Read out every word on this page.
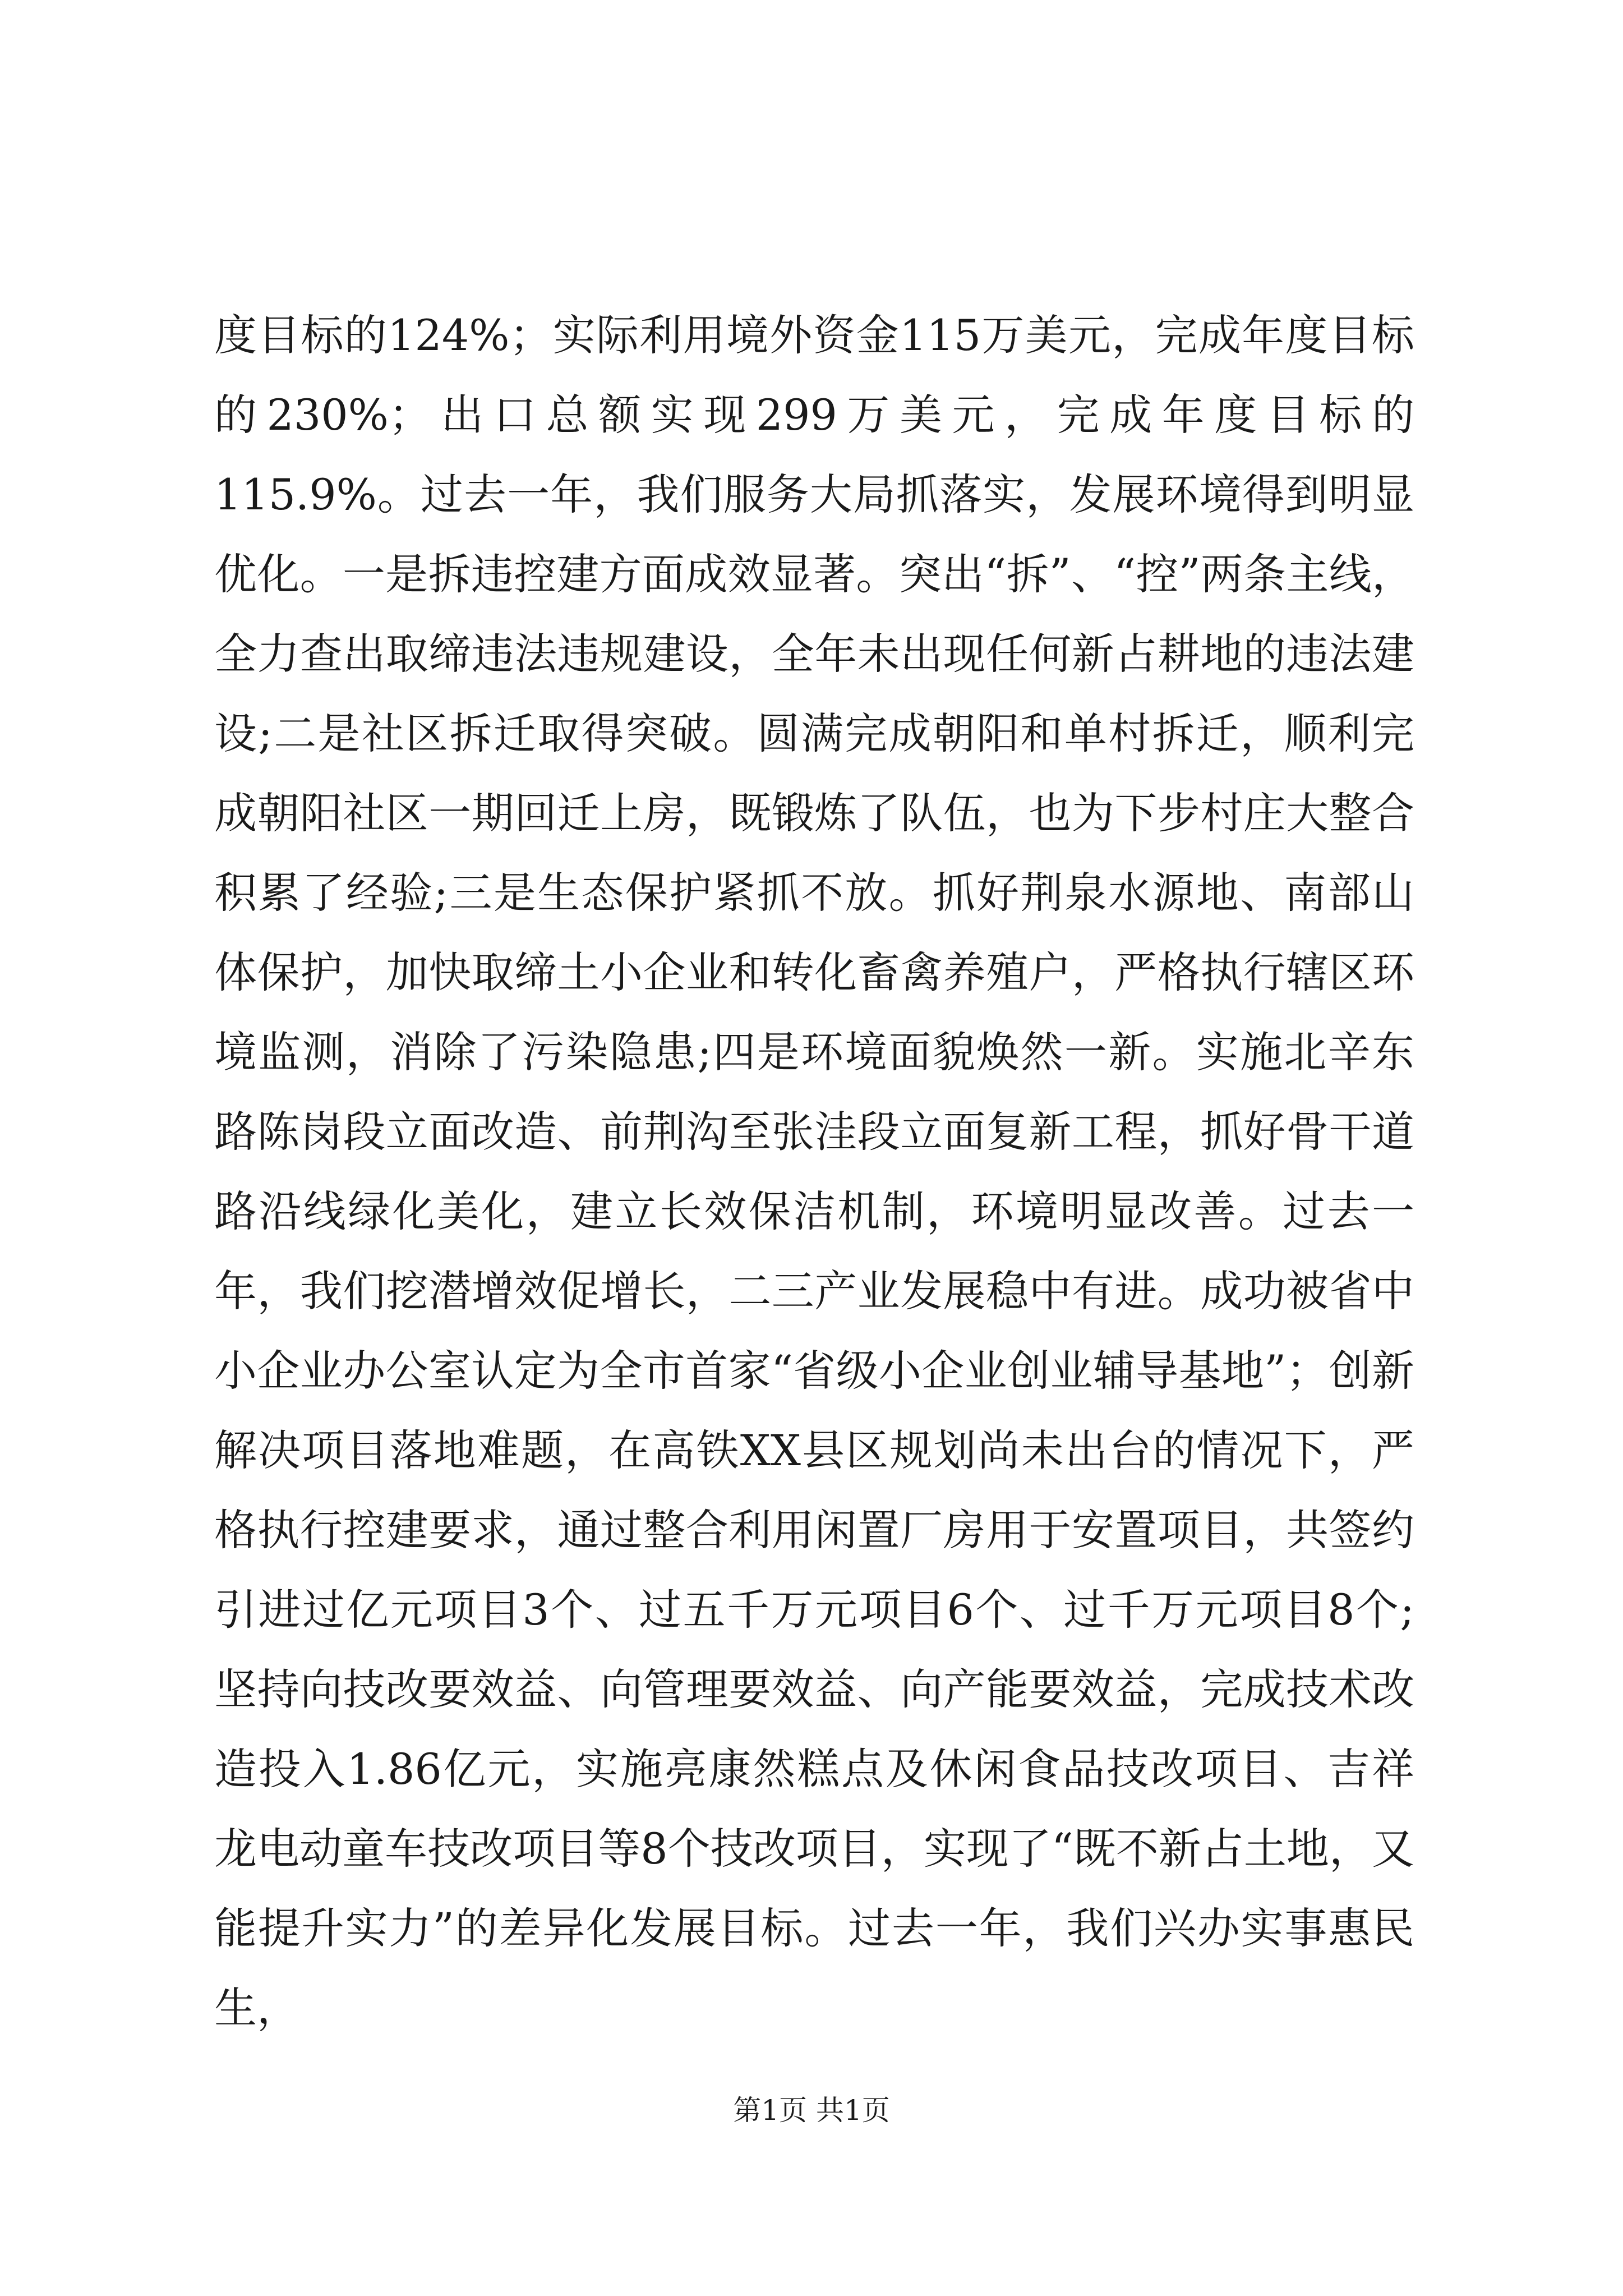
度目标的124%；实际利用境外资金115万美元，完成年度目标的230%；出口总额实现299万美元，完成年度目标的115.9%。过去一年，我们服务大局抓落实，发展环境得到明显优化。一是拆违控建方面成效显著。突出“拆”、“控”两条主线，全力查出取缔违法违规建设，全年未出现任何新占耕地的违法建设;二是社区拆迁取得突破。圆满完成朝阳和单村拆迁，顺利完成朝阳社区一期回迁上房，既锻炼了队伍，也为下步村庄大整合积累了经验;三是生态保护紧抓不放。抓好荆泉水源地、南部山体保护，加快取缔土小企业和转化畜禽养殖户，严格执行辖区环境监测，消除了污染隐患;四是环境面貌焕然一新。实施北辛东路陈岗段立面改造、前荆沟至张洼段立面复新工程，抓好骨干道路沿线绿化美化，建立长效保洁机制，环境明显改善。过去一年，我们挖潜增效促增长，二三产业发展稳中有进。成功被省中小企业办公室认定为全市首家“省级小企业创业辅导基地”；创新解决项目落地难题，在高铁XX县区规划尚未出台的情况下，严格执行控建要求，通过整合利用闲置厂房用于安置项目，共签约引进过亿元项目3个、过五千万元项目6个、过千万元项目8个;坚持向技改要效益、向管理要效益、向产能要效益，完成技术改造投入1.86亿元，实施亮康然糕点及休闲食品技改项目、吉祥龙电动童车技改项目等8个技改项目，实现了“既不新占土地，又能提升实力”的差异化发展目标。过去一年，我们兴办实事惠民生，

第1页 共1页
